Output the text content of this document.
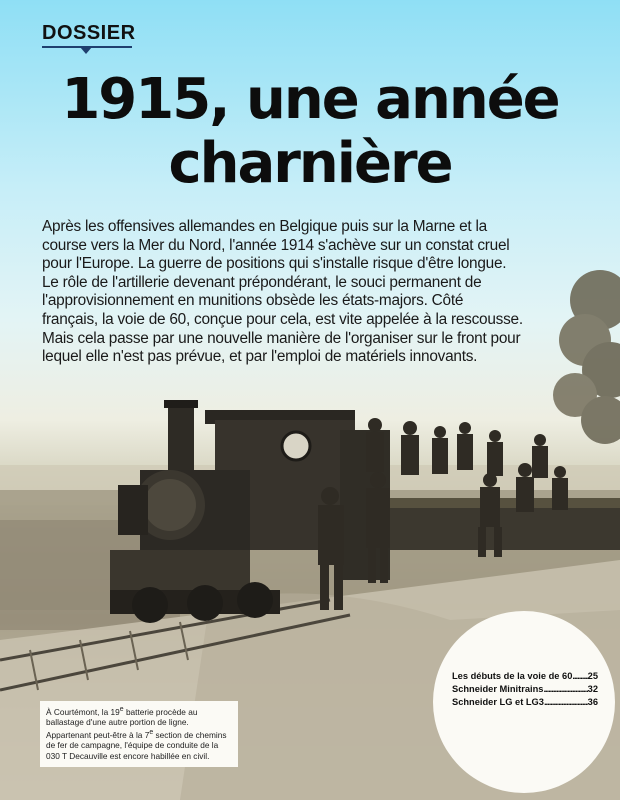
DOSSIER
1915, une année
charnière
Après les offensives allemandes en Belgique puis sur la Marne et la
course vers la Mer du Nord, l'année 1914 s'achève sur un constat cruel
pour l'Europe. La guerre de positions qui s'installe risque d'être longue.
Le rôle de l'artillerie devenant prépondérant, le souci permanent de
l'approvisionnement en munitions obsède les états-majors. Côté
français, la voie de 60, conçue pour cela, est vite appelée à la rescousse.
Mais cela passe par une nouvelle manière de l'organiser sur le front pour
lequel elle n'est pas prévue, et par l'emploi de matériels innovants.
À Courtémont, la 19e batterie procède au
ballastage d'une autre portion de ligne.
Appartenant peut-être à la 7e section de chemins
de fer de campagne, l'équipe de conduite de la
030 T Decauville est encore habillée en civil.
Les débuts de la voie de 60 ..... 25
Schneider Minitrains .....	32
Schneider LG et LG3 .....	36
